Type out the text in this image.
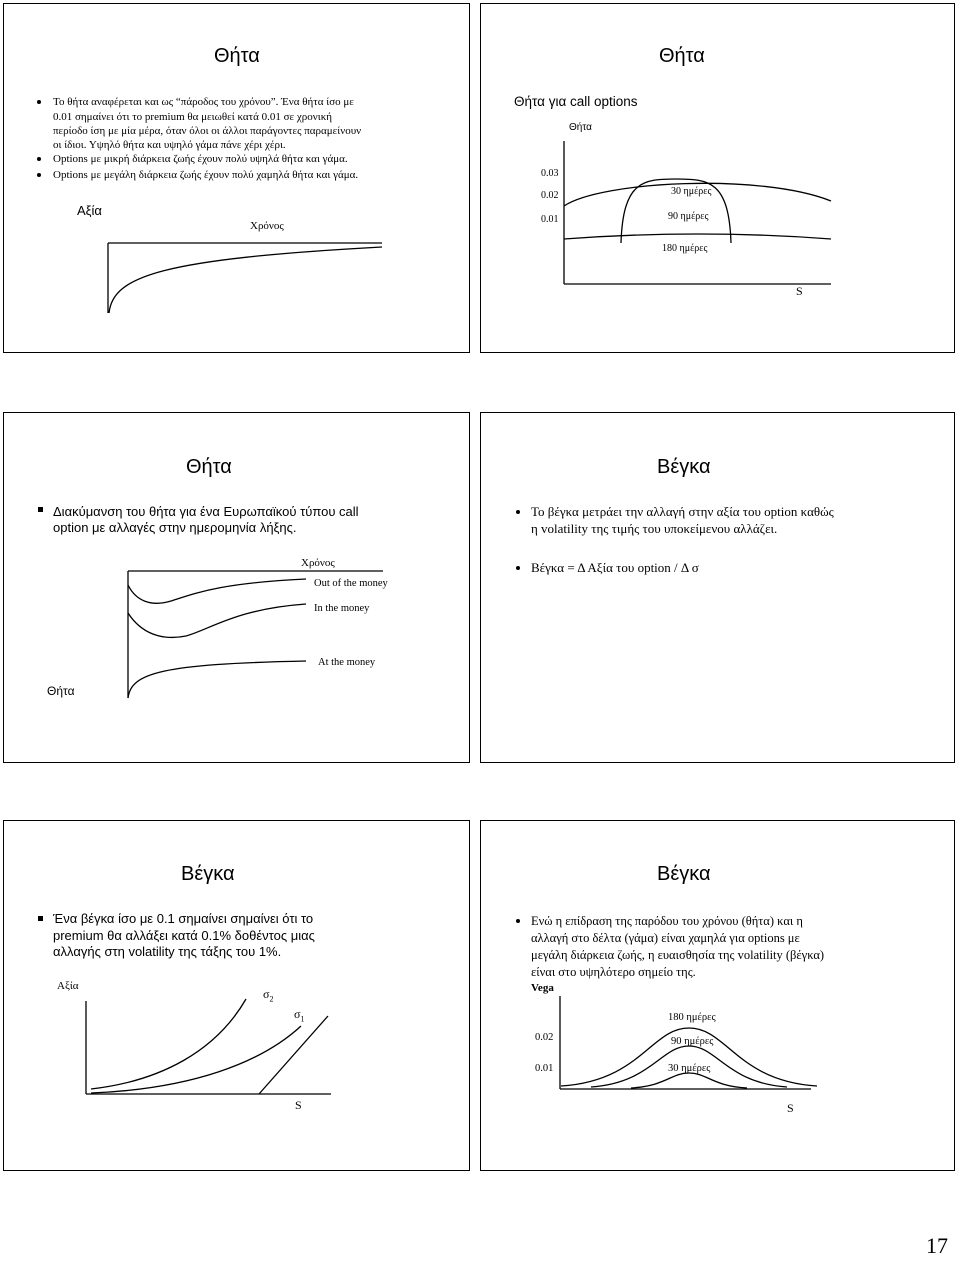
Θήτα
Το θήτα αναφέρεται και ως “πάροδος του χρόνου”. Ένα θήτα ίσο με
0.01 σημαίνει ότι το premium θα μειωθεί κατά 0.01 σε χρονική
περίοδο ίση με μία μέρα, όταν όλοι οι άλλοι παράγοντες παραμείνουν
οι ίδιοι. Υψηλό θήτα και υψηλό γάμα πάνε χέρι χέρι.
Options με μικρή διάρκεια ζωής έχουν πολύ υψηλά θήτα και γάμα.
Options με μεγάλη διάρκεια ζωής έχουν πολύ χαμηλά θήτα και γάμα.
Αξία
Χρόνος
Θήτα
Θήτα για call options
Θήτα
0.03
0.02
0.01
30 ημέρες
90 ημέρες
180 ημέρες
S
Θήτα
Διακύμανση του θήτα για ένα Ευρωπαϊκού τύπου call
option με αλλαγές στην ημερομηνία λήξης.
Χρόνος
Out of the money
In the money
At the money
Θήτα
Βέγκα
Το βέγκα μετράει την αλλαγή στην αξία του option καθώς
η volatility της τιμής του υποκείμενου αλλάζει.
Βέγκα = Δ Αξία του option / Δ σ
Βέγκα
Ένα βέγκα ίσο με 0.1 σημαίνει σημαίνει ότι το
premium θα αλλάξει κατά 0.1% δοθέντος μιας
αλλαγής στη volatility της τάξης του 1%.
Αξία
$\sigma_2$
$\sigma_1$
S
Βέγκα
Ενώ η επίδραση της παρόδου του χρόνου (θήτα) και η
αλλαγή στο δέλτα (γάμα) είναι χαμηλά για options με
μεγάλη διάρκεια ζωής, η ευαισθησία της volatility (βέγκα)
είναι στο υψηλότερο σημείο της.
Vega
0.02
0.01
180 ημέρες
90 ημέρες
30 ημέρες
S
17
